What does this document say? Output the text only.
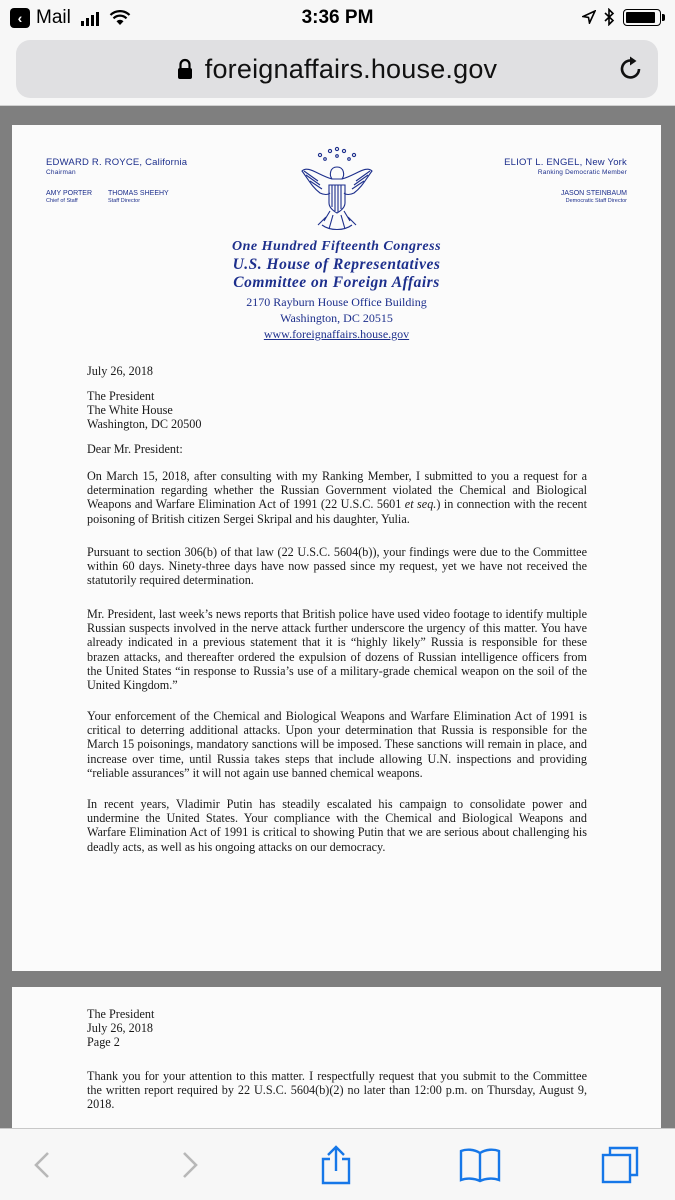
‹ Mail	3:36 PM
foreignaffairs.house.gov
EDWARD R. ROYCE, California
Chairman
AMY PORTER
Chief of Staff
THOMAS SHEEHY
Staff Director
ELIOT L. ENGEL, New York
Ranking Democratic Member
JASON STEINBAUM
Democratic Staff Director
One Hundred Fifteenth Congress
U.S. House of Representatives
Committee on Foreign Affairs
2170 Rayburn House Office Building
Washington, DC 20515
www.foreignaffairs.house.gov
July 26, 2018
The President
The White House
Washington, DC 20500
Dear Mr. President:
On March 15, 2018, after consulting with my Ranking Member, I submitted to you a request for a determination regarding whether the Russian Government violated the Chemical and Biological Weapons and Warfare Elimination Act of 1991 (22 U.S.C. 5601 et seq.) in connection with the recent poisoning of British citizen Sergei Skripal and his daughter, Yulia.
Pursuant to section 306(b) of that law (22 U.S.C. 5604(b)), your findings were due to the Committee within 60 days. Ninety-three days have now passed since my request, yet we have not received the statutorily required determination.
Mr. President, last week’s news reports that British police have used video footage to identify multiple Russian suspects involved in the nerve attack further underscore the urgency of this matter. You have already indicated in a previous statement that it is “highly likely” Russia is responsible for these brazen attacks, and thereafter ordered the expulsion of dozens of Russian intelligence officers from the United States “in response to Russia’s use of a military-grade chemical weapon on the soil of the United Kingdom.”
Your enforcement of the Chemical and Biological Weapons and Warfare Elimination Act of 1991 is critical to deterring additional attacks. Upon your determination that Russia is responsible for the March 15 poisonings, mandatory sanctions will be imposed. These sanctions will remain in place, and increase over time, until Russia takes steps that include allowing U.N. inspections and providing “reliable assurances” it will not again use banned chemical weapons.
In recent years, Vladimir Putin has steadily escalated his campaign to consolidate power and undermine the United States. Your compliance with the Chemical and Biological Weapons and Warfare Elimination Act of 1991 is critical to showing Putin that we are serious about challenging his deadly acts, as well as his ongoing attacks on our democracy.
The President
July 26, 2018
Page 2
Thank you for your attention to this matter. I respectfully request that you submit to the Committee the written report required by 22 U.S.C. 5604(b)(2) no later than 12:00 p.m. on Thursday, August 9, 2018.
